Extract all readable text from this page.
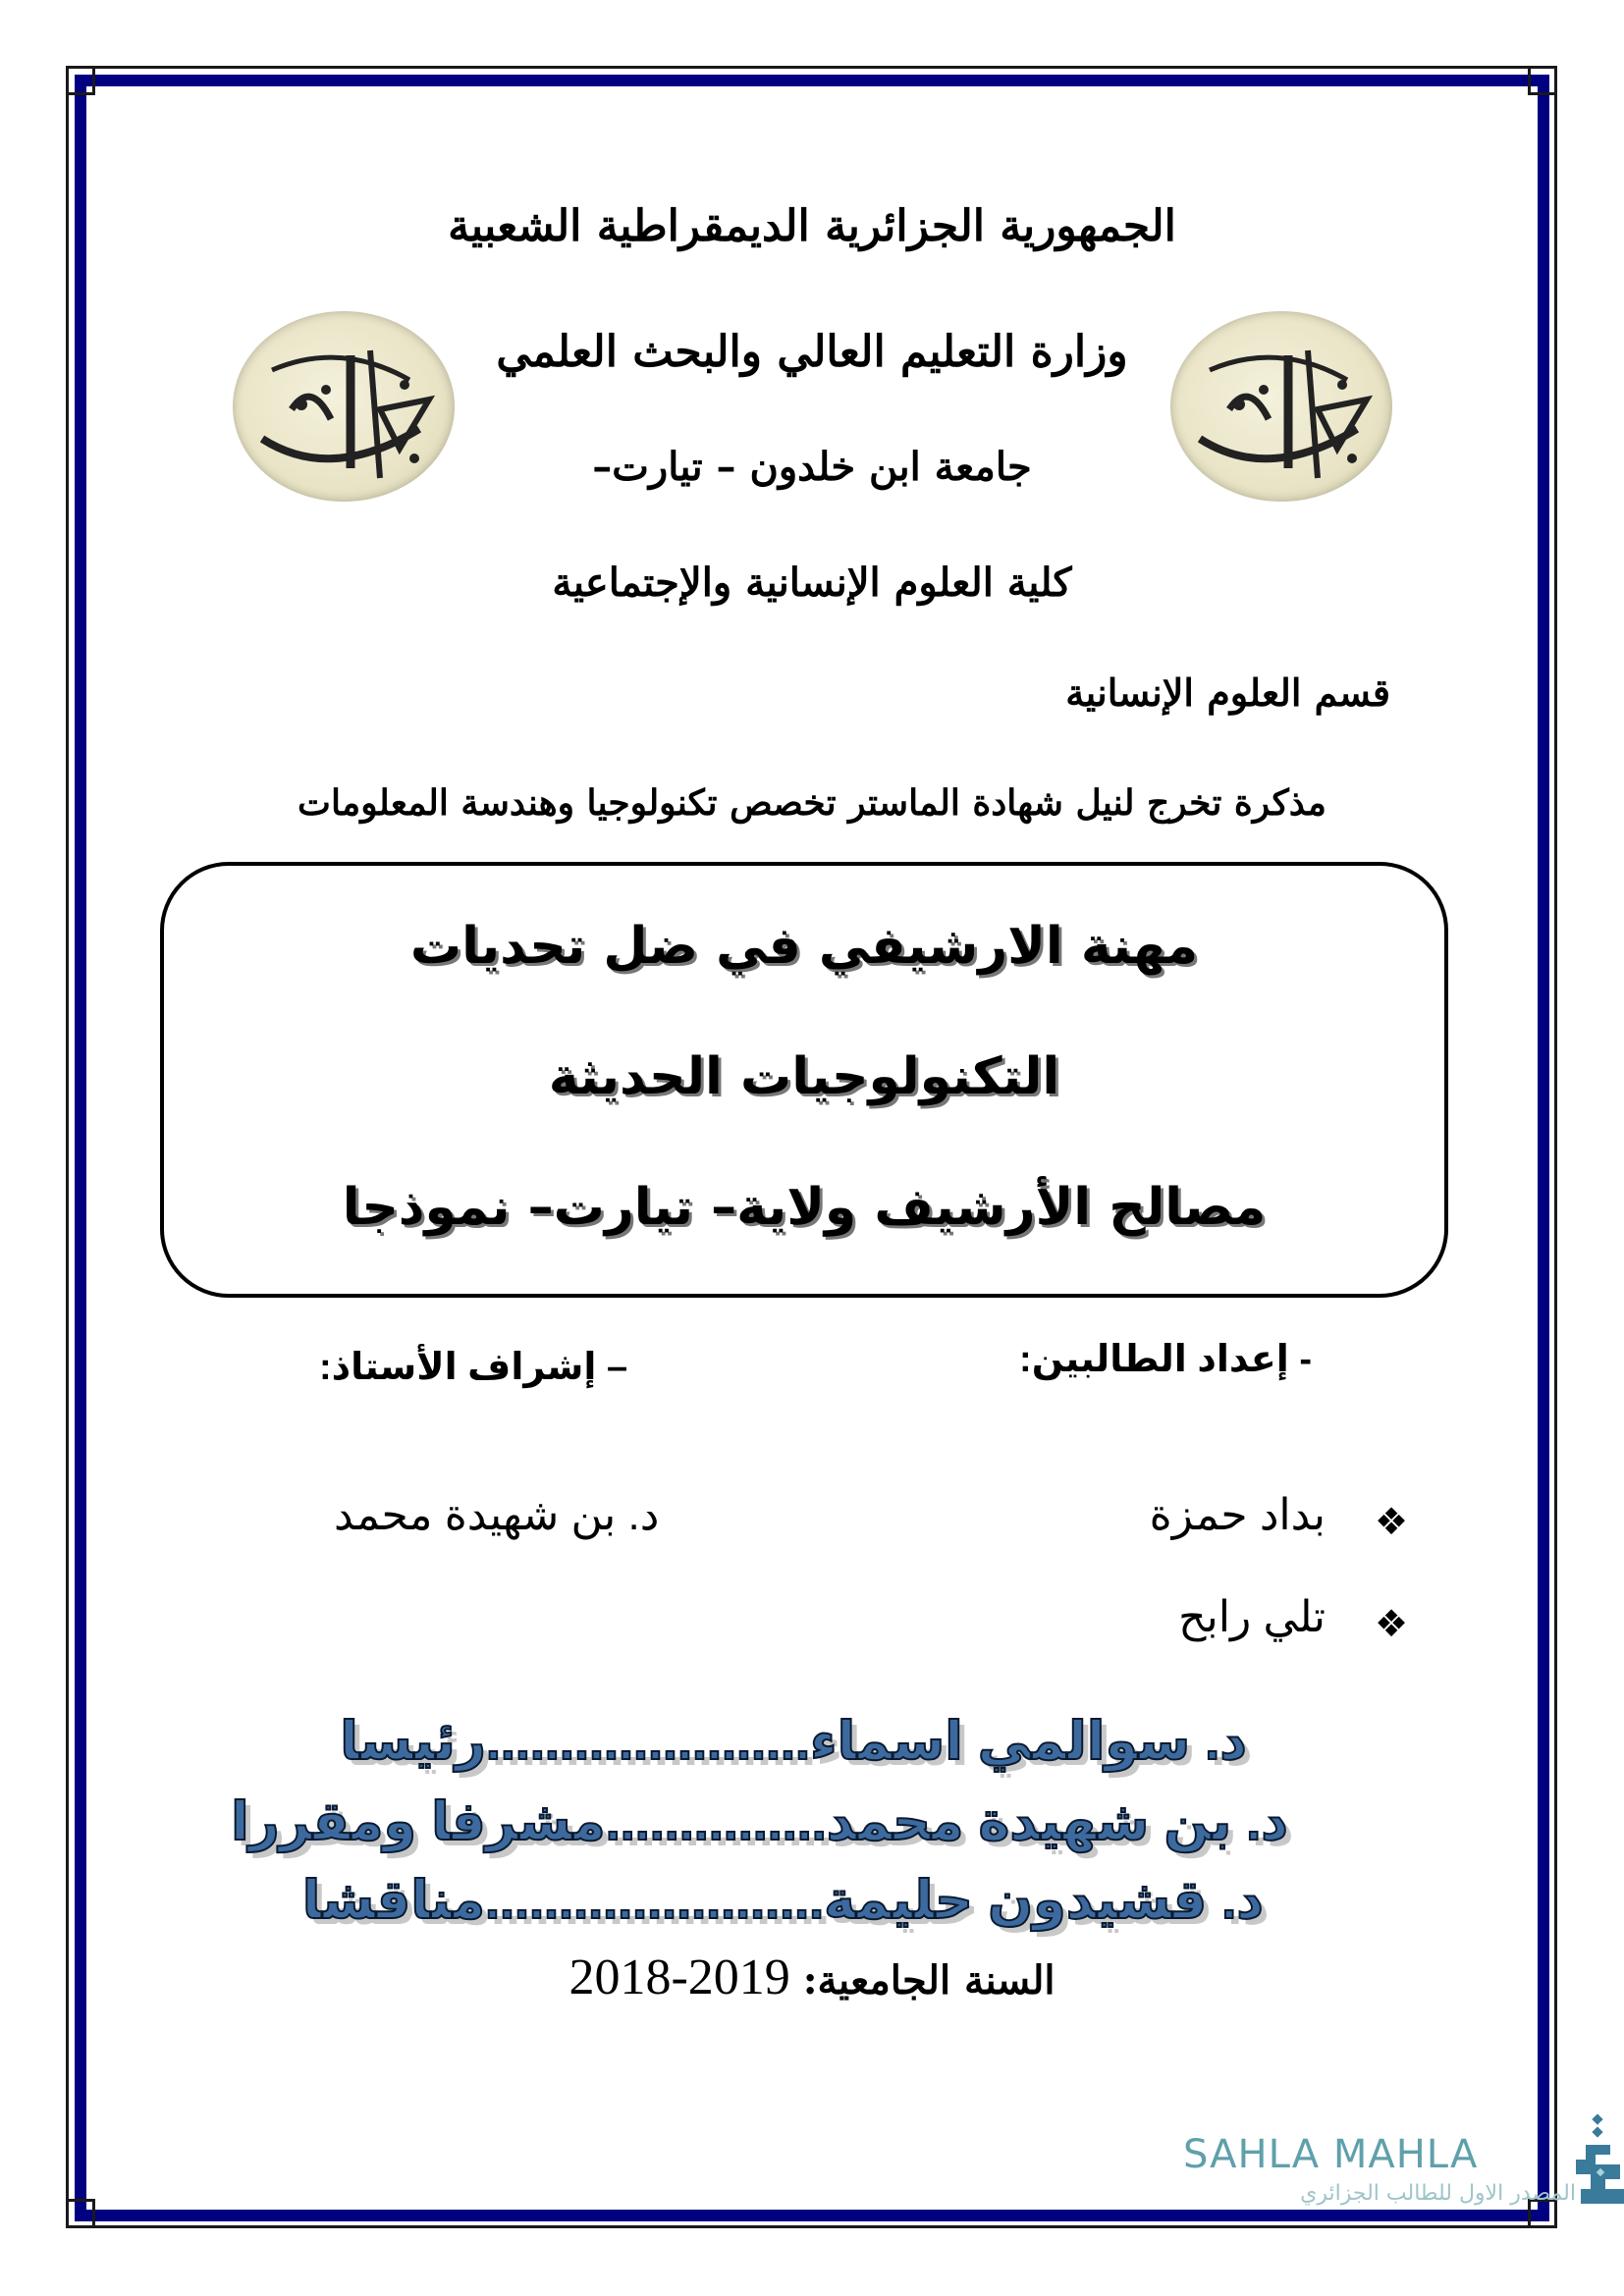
الجمهورية الجزائرية الديمقراطية الشعبية
وزارة التعليم العالي والبحث العلمي
جامعة ابن خلدون – تيارت–
كلية العلوم الإنسانية والإجتماعية
قسم العلوم الإنسانية
مذكرة تخرج لنيل شهادة الماستر تخصص تكنولوجيا وهندسة المعلومات
مهنة الارشيفي في ضل تحديات
التكنولوجيات الحديثة
مصالح الأرشيف ولاية– تيارت– نموذجا
- إعداد الطالبين:
– إشراف الأستاذ:
❖
بداد حمزة
❖
تلي رابح
د. بن شهيدة محمد
د. سوالمي اسماء......................رئيسا
د. بن شهيدة محمد...............مشرفا ومقررا
د. قشيدون حليمة.......................مناقشا
السنة الجامعية: 2018-2019
SAHLA MAHLA
المصدر الاول للطالب الجزائري
